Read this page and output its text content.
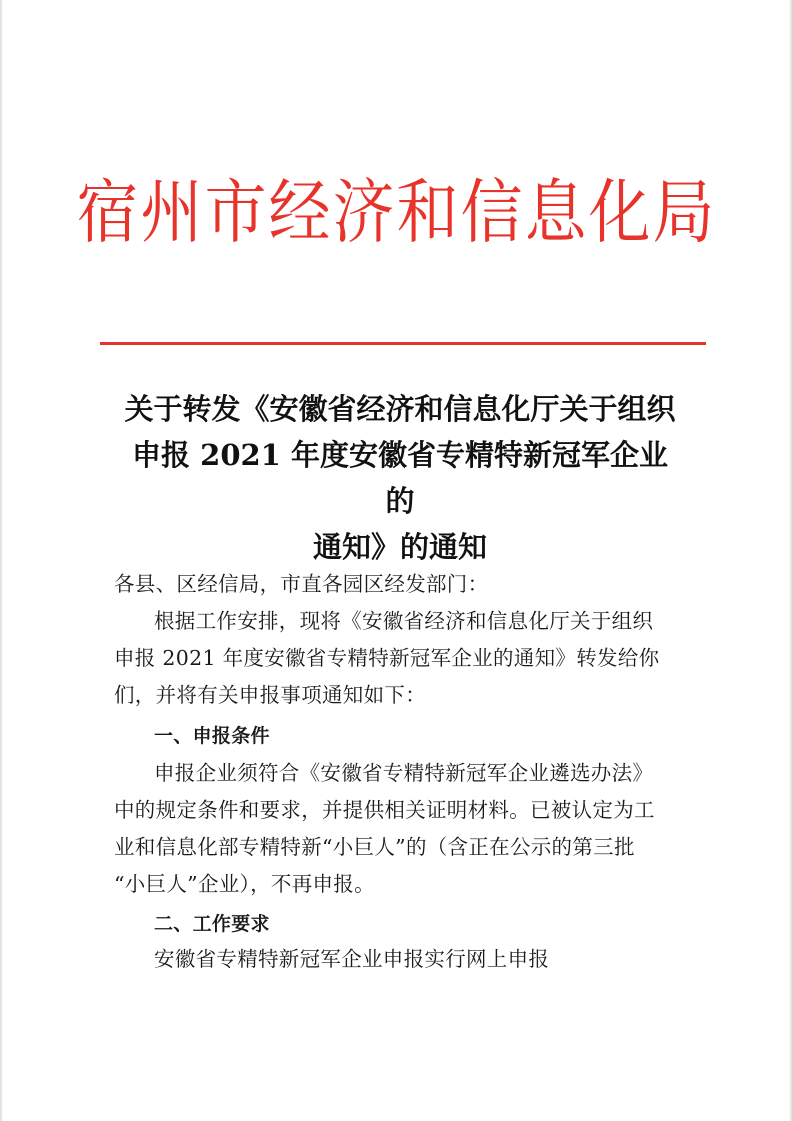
宿州市经济和信息化局
关于转发《安徽省经济和信息化厅关于组织
申报 2021 年度安徽省专精特新冠军企业的
通知》的通知
各县、区经信局，市直各园区经发部门：
根据工作安排，现将《安徽省经济和信息化厅关于组织
申报 2021 年度安徽省专精特新冠军企业的通知》转发给你
们，并将有关申报事项通知如下：
一、申报条件
申报企业须符合《安徽省专精特新冠军企业遴选办法》
中的规定条件和要求，并提供相关证明材料。已被认定为工
业和信息化部专精特新“小巨人”的（含正在公示的第三批
“小巨人”企业），不再申报。
二、工作要求
安徽省专精特新冠军企业申报实行网上申报
